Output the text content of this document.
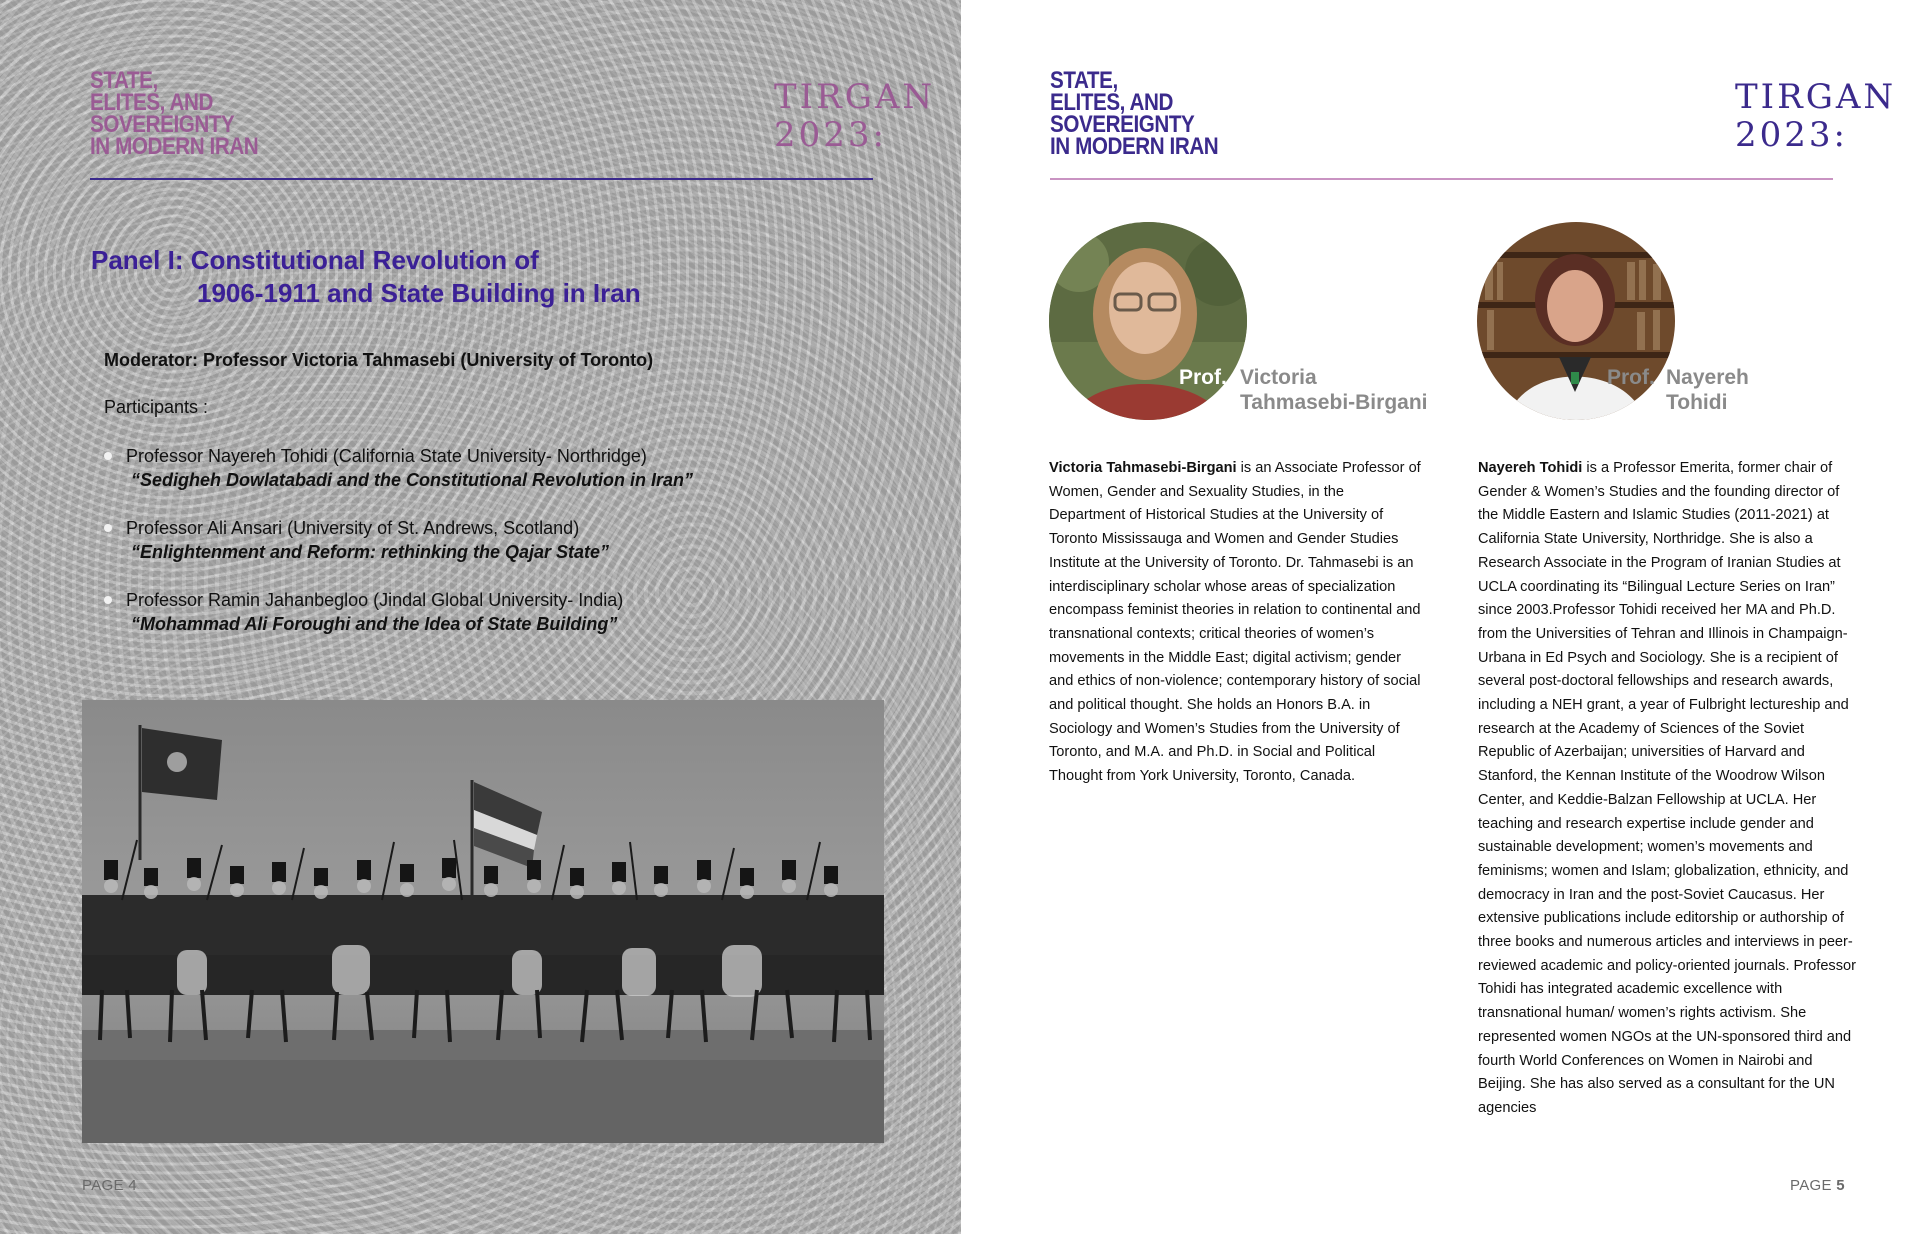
STATE,
ELITES, AND
SOVEREIGNTY
IN MODERN IRAN
TIRGAN
2023:
Panel I: Constitutional Revolution of
1906-1911 and State Building in Iran
Moderator: Professor Victoria Tahmasebi (University of Toronto)
Participants :
Professor Nayereh Tohidi (California State University- Northridge)
“Sedigheh Dowlatabadi and the Constitutional Revolution in Iran”
Professor Ali Ansari (University of St. Andrews, Scotland)
“Enlightenment and Reform: rethinking the Qajar State”
Professor Ramin Jahanbegloo (Jindal Global University- India)
“Mohammad Ali Foroughi and the Idea of State Building”
PAGE 4
STATE,
ELITES, AND
SOVEREIGNTY
IN MODERN IRAN
TIRGAN
2023:
Prof. Victoria
Tahmasebi-Birgani
Prof. Nayereh
Tohidi
Victoria Tahmasebi-Birgani is an Associate Professor of Women, Gender and Sexuality Studies, in the Department of Historical Studies at the University of Toronto Mississauga and Women and Gender Studies Institute at the University of Toronto. Dr. Tahmasebi is an interdisciplinary scholar whose areas of specialization encompass feminist theories in relation to continental and transnational contexts; critical theories of women’s movements in the Middle East; digital activism; gender and ethics of non-violence; contemporary history of social and political thought. She holds an Honors B.A. in Sociology and Women’s Studies from the University of Toronto, and M.A. and Ph.D. in Social and Political Thought from York University, Toronto, Canada.
Nayereh Tohidi is a Professor Emerita, former chair of Gender & Women’s Studies and the founding director of the Middle Eastern and Islamic Studies (2011-2021) at California State University, Northridge. She is also a Research Associate in the Program of Iranian Studies at UCLA coordinating its “Bilingual Lecture Series on Iran” since 2003.Professor Tohidi received her MA and Ph.D. from the Universities of Tehran and Illinois in Champaign-Urbana in Ed Psych and Sociology. She is a recipient of several post-doctoral fellowships and research awards, including a NEH grant, a year of Fulbright lectureship and research at the Academy of Sciences of the Soviet Republic of Azerbaijan; universities of Harvard and Stanford, the Kennan Institute of the Woodrow Wilson Center, and Keddie-Balzan Fellowship at UCLA. Her teaching and research expertise include gender and sustainable development; women’s movements and feminisms; women and Islam; globalization, ethnicity, and democracy in Iran and the post-Soviet Caucasus. Her extensive publications include editorship or authorship of three books and numerous articles and interviews in peer-reviewed academic and policy-oriented journals. Professor Tohidi has integrated academic excellence with transnational human/ women’s rights activism. She represented women NGOs at the UN-sponsored third and fourth World Conferences on Women in Nairobi and Beijing. She has also served as a consultant for the UN agencies
PAGE 5
